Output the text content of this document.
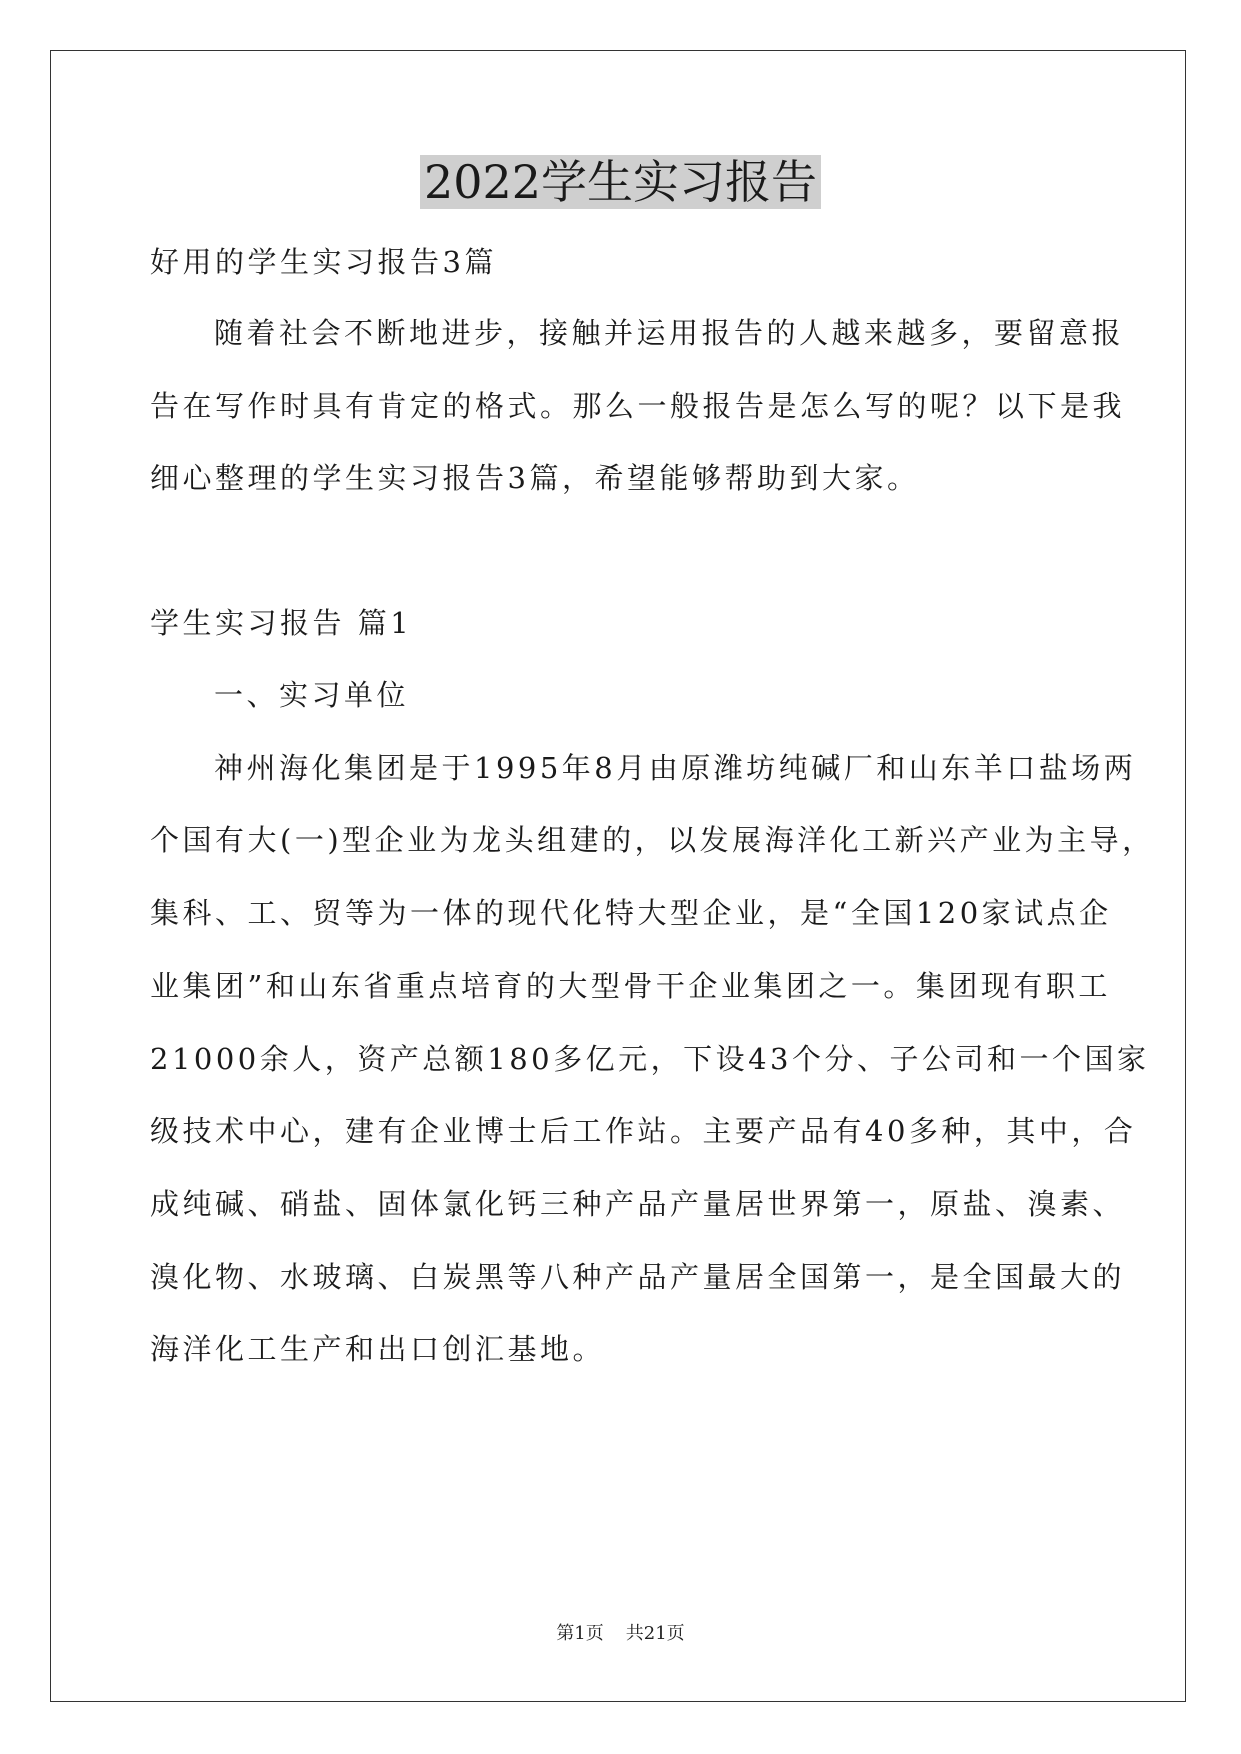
2022学生实习报告
好用的学生实习报告3篇
随着社会不断地进步，接触并运用报告的人越来越多，要留意报
告在写作时具有肯定的格式。那么一般报告是怎么写的呢？以下是我
细心整理的学生实习报告3篇，希望能够帮助到大家。
学生实习报告 篇1
一、实习单位
神州海化集团是于1995年8月由原潍坊纯碱厂和山东羊口盐场两
个国有大(一)型企业为龙头组建的，以发展海洋化工新兴产业为主导，
集科、工、贸等为一体的现代化特大型企业，是“全国120家试点企
业集团”和山东省重点培育的大型骨干企业集团之一。集团现有职工
21000余人，资产总额180多亿元，下设43个分、子公司和一个国家
级技术中心，建有企业博士后工作站。主要产品有40多种，其中，合
成纯碱、硝盐、固体氯化钙三种产品产量居世界第一，原盐、溴素、
溴化物、水玻璃、白炭黑等八种产品产量居全国第一，是全国最大的
海洋化工生产和出口创汇基地。
第1页 共21页
